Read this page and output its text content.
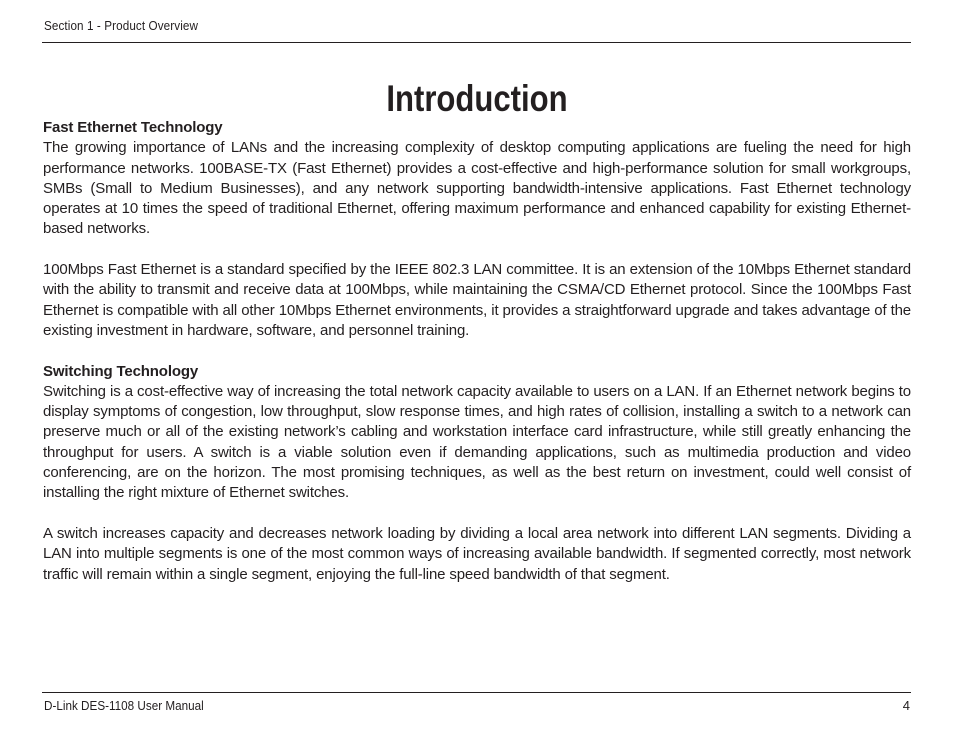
Section 1 - Product Overview
Introduction
Fast Ethernet Technology

The growing importance of LANs and the increasing complexity of desktop computing applications are fueling the need for high performance networks. 100BASE-TX (Fast Ethernet) provides a cost-effective and high-performance solution for small workgroups, SMBs (Small to Medium Businesses), and any network supporting bandwidth-intensive applications. Fast Ethernet technology operates at 10 times the speed of traditional Ethernet, offering maximum performance and enhanced capability for existing Ethernet-based networks.

100Mbps Fast Ethernet is a standard specified by the IEEE 802.3 LAN committee. It is an extension of the 10Mbps Ethernet standard with the ability to transmit and receive data at 100Mbps, while maintaining the CSMA/CD Ethernet protocol. Since the 100Mbps Fast Ethernet is compatible with all other 10Mbps Ethernet environments, it provides a straightforward upgrade and takes advantage of the existing investment in hardware, software, and personnel training.

Switching Technology

Switching is a cost-effective way of increasing the total network capacity available to users on a LAN. If an Ethernet network begins to display symptoms of congestion, low throughput, slow response times, and high rates of collision, installing a switch to a network can preserve much or all of the existing network’s cabling and workstation interface card infrastructure, while still greatly enhancing the throughput for users. A switch is a viable solution even if demanding applications, such as multimedia production and video conferencing, are on the horizon. The most promising techniques, as well as the best return on investment, could well consist of installing the right mixture of Ethernet switches.

A switch increases capacity and decreases network loading by dividing a local area network into different LAN segments. Dividing a LAN into multiple segments is one of the most common ways of increasing available bandwidth. If segmented correctly, most network traffic will remain within a single segment, enjoying the full-line speed bandwidth of that segment.

D-Link DES-1108 User Manual	4
